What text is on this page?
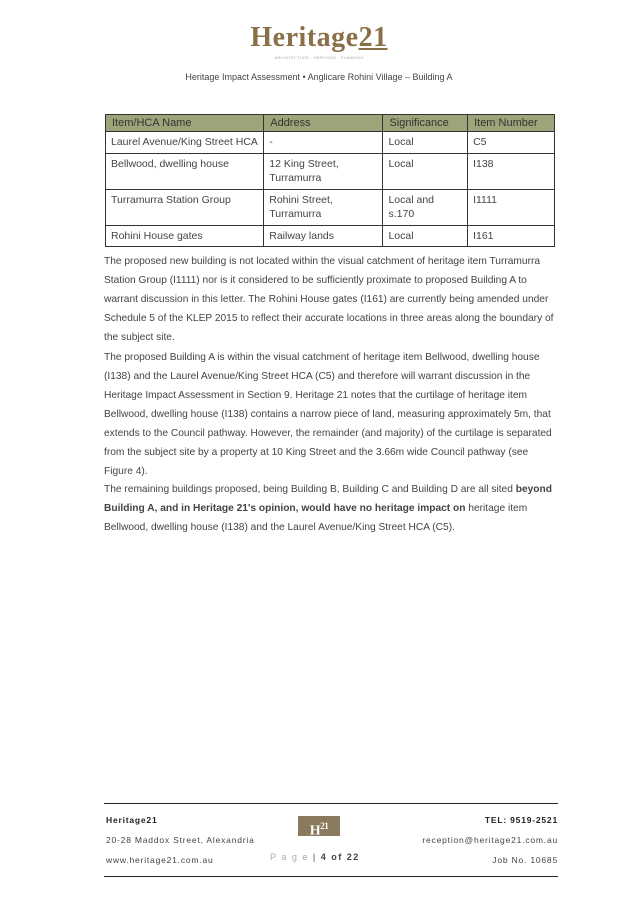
Heritage21
ARCHITECTURE · HERITAGE · PLANNING
Heritage Impact Assessment • Anglicare Rohini Village – Building A
Item/HCA Name	Address	Significance	Item Number
Laurel Avenue/King Street HCA	-	Local	C5
Bellwood, dwelling house	12 King Street, Turramurra	Local	I138
Turramurra Station Group	Rohini Street, Turramurra	Local and s.170	I1111
Rohini House gates	Railway lands	Local	I161

The proposed new building is not located within the visual catchment of heritage item Turramurra Station Group (I1111) nor is it considered to be sufficiently proximate to proposed Building A to warrant discussion in this letter. The Rohini House gates (I161) are currently being amended under Schedule 5 of the KLEP 2015 to reflect their accurate locations in three areas along the boundary of the subject site.

The proposed Building A is within the visual catchment of heritage item Bellwood, dwelling house (I138) and the Laurel Avenue/King Street HCA (C5) and therefore will warrant discussion in the Heritage Impact Assessment in Section 9. Heritage 21 notes that the curtilage of heritage item Bellwood, dwelling house (I138) contains a narrow piece of land, measuring approximately 5m, that extends to the Council pathway. However, the remainder (and majority) of the curtilage is separated from the subject site by a property at 10 King Street and the 3.66m wide Council pathway (see Figure 4).

The remaining buildings proposed, being Building B, Building C and Building D are all sited beyond Building A, and in Heritage 21's opinion, would have no heritage impact on heritage item Bellwood, dwelling house (I138) and the Laurel Avenue/King Street HCA (C5).

Heritage21
20-28 Maddox Street, Alexandria
www.heritage21.com.au
$H^{21}$
P a g e | 4 of 22
TEL: 9519-2521
reception@heritage21.com.au
Job No. 10685
